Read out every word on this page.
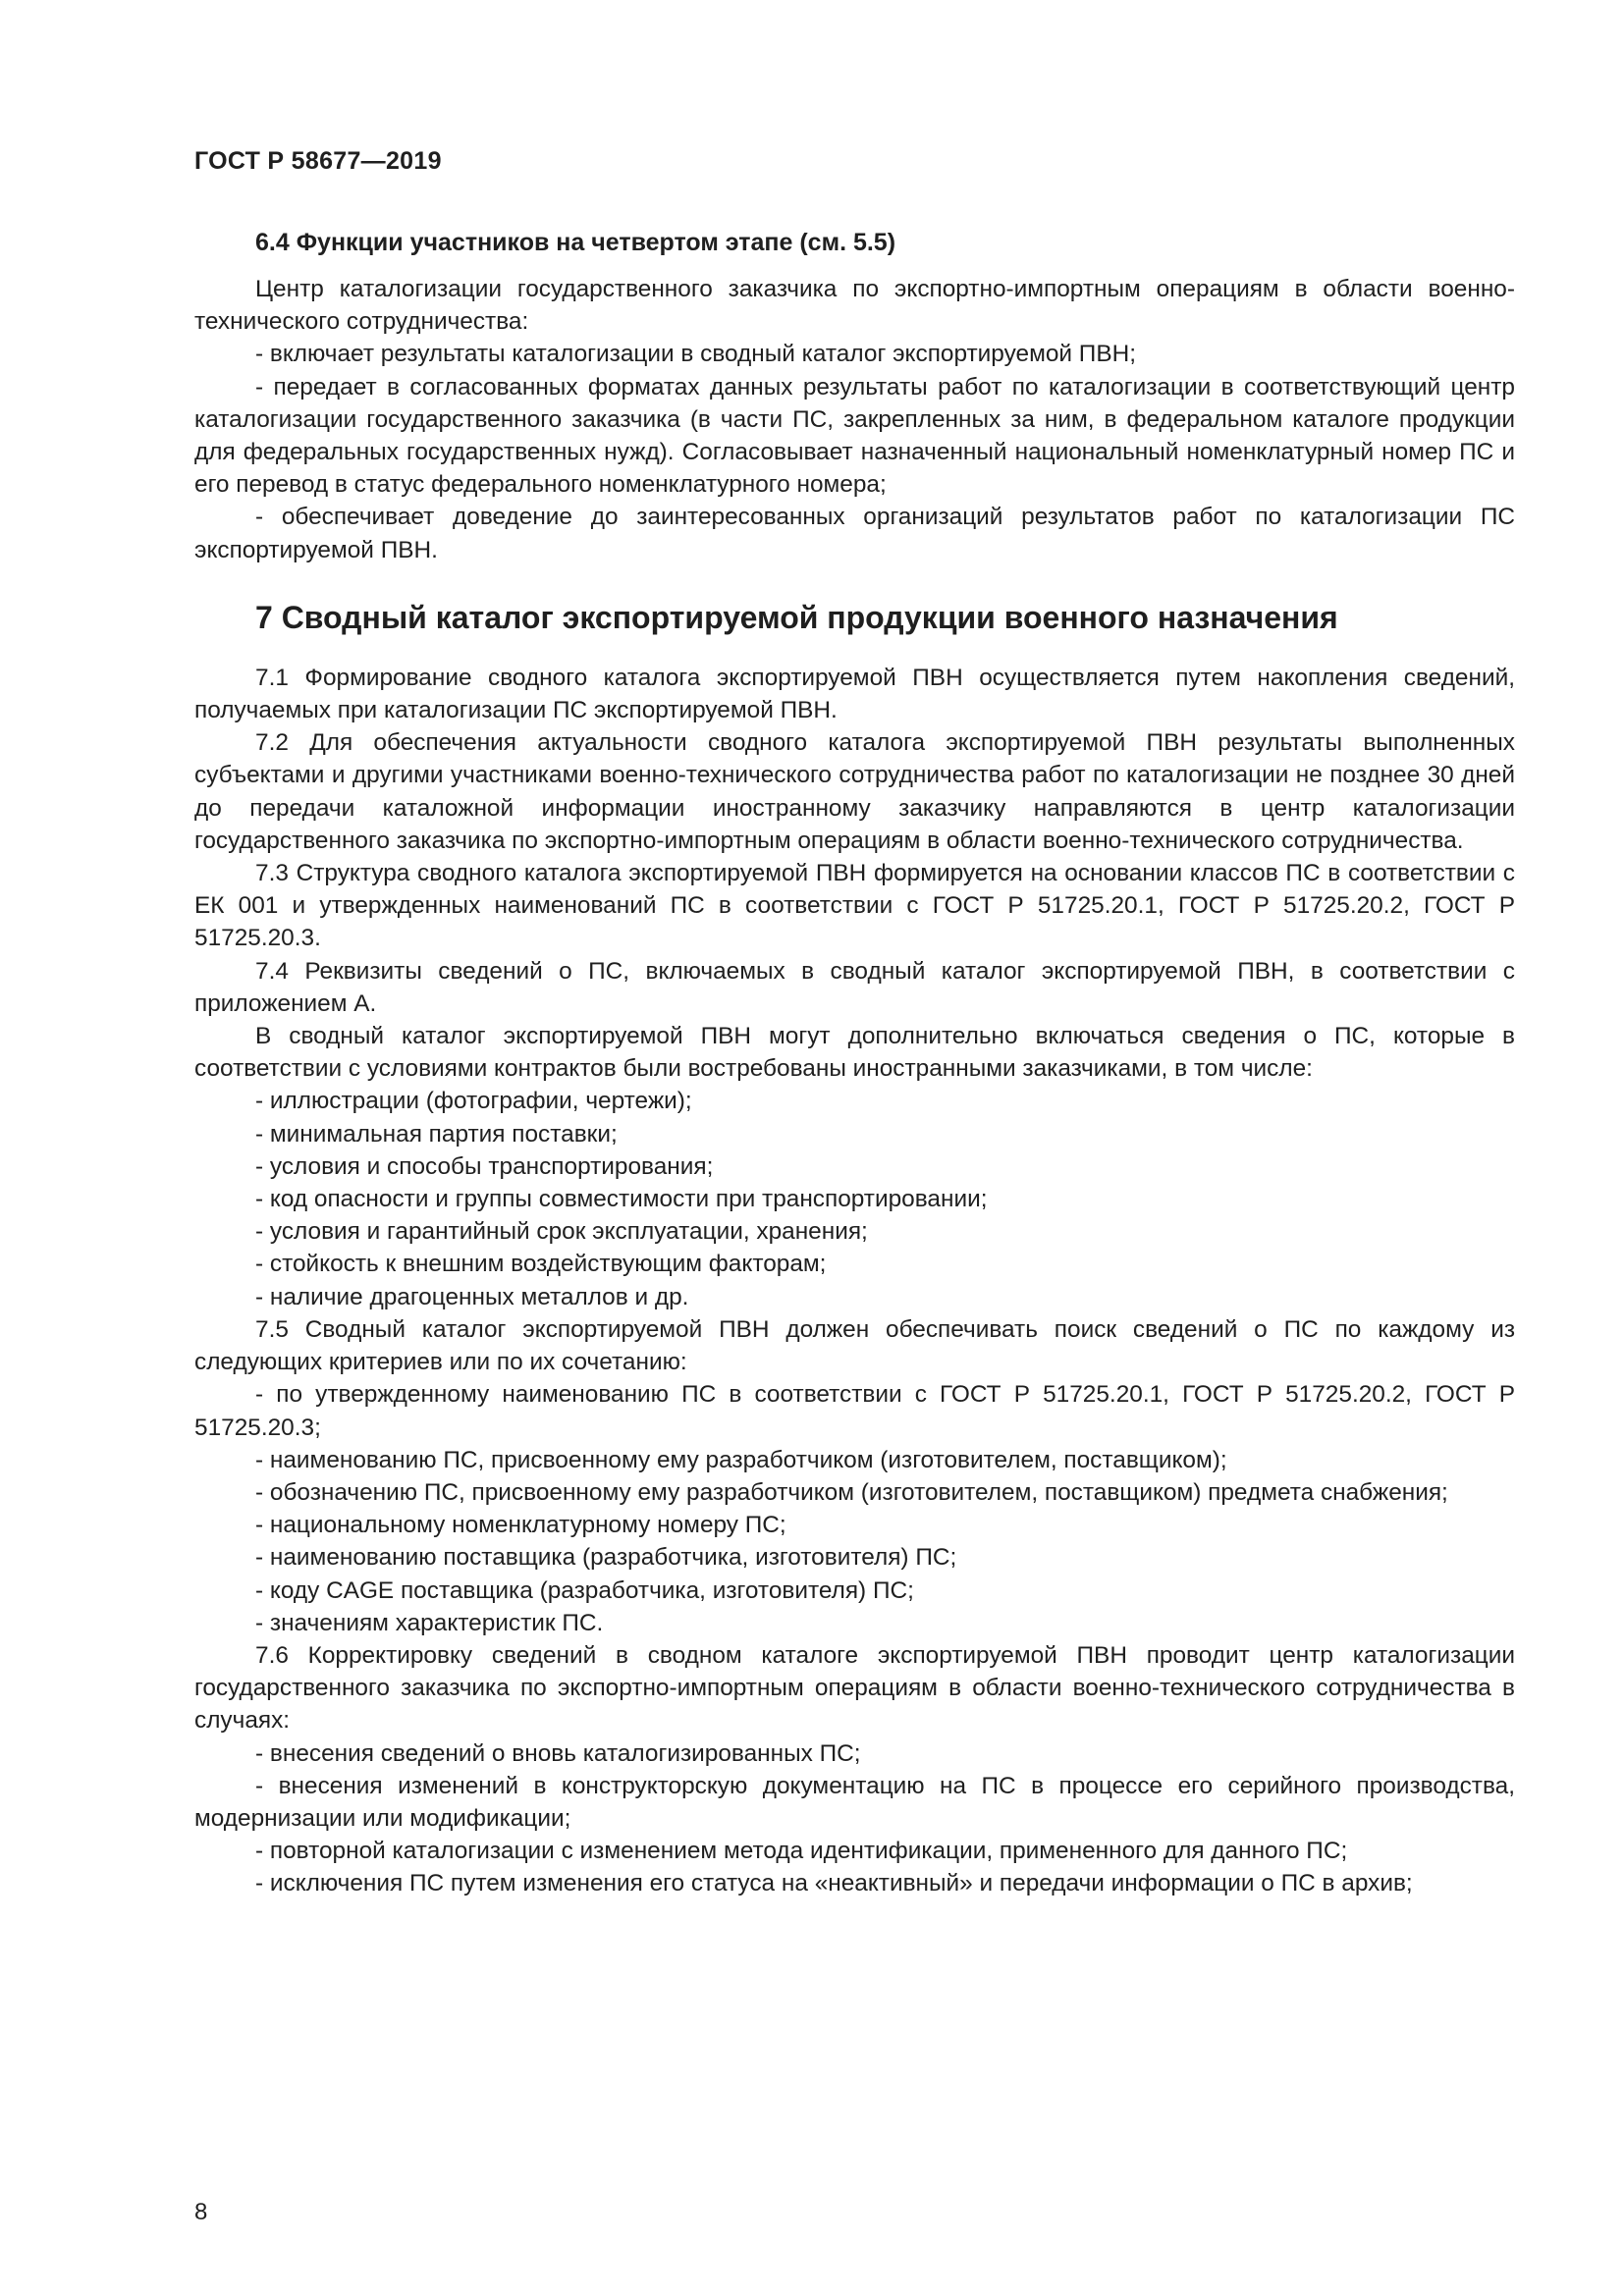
ГОСТ Р 58677—2019
6.4 Функции участников на четвертом этапе (см. 5.5)

Центр каталогизации государственного заказчика по экспортно-импортным операциям в области военно-технического сотрудничества:

- включает результаты каталогизации в сводный каталог экспортируемой ПВН;

- передает в согласованных форматах данных результаты работ по каталогизации в соответствующий центр каталогизации государственного заказчика (в части ПС, закрепленных за ним, в федеральном каталоге продукции для федеральных государственных нужд). Согласовывает назначенный национальный номенклатурный номер ПС и его перевод в статус федерального номенклатурного номера;

- обеспечивает доведение до заинтересованных организаций результатов работ по каталогизации ПС экспортируемой ПВН.

7 Сводный каталог экспортируемой продукции военного назначения

7.1 Формирование сводного каталога экспортируемой ПВН осуществляется путем накопления сведений, получаемых при каталогизации ПС экспортируемой ПВН.

7.2 Для обеспечения актуальности сводного каталога экспортируемой ПВН результаты выполненных субъектами и другими участниками военно-технического сотрудничества работ по каталогизации не позднее 30 дней до передачи каталожной информации иностранному заказчику направляются в центр каталогизации государственного заказчика по экспортно-импортным операциям в области военно-технического сотрудничества.

7.3 Структура сводного каталога экспортируемой ПВН формируется на основании классов ПС в соответствии с ЕК 001 и утвержденных наименований ПС в соответствии с ГОСТ Р 51725.20.1, ГОСТ Р 51725.20.2, ГОСТ Р 51725.20.3.

7.4 Реквизиты сведений о ПС, включаемых в сводный каталог экспортируемой ПВН, в соответствии с приложением А.

В сводный каталог экспортируемой ПВН могут дополнительно включаться сведения о ПС, которые в соответствии с условиями контрактов были востребованы иностранными заказчиками, в том числе:

- иллюстрации (фотографии, чертежи);

- минимальная партия поставки;

- условия и способы транспортирования;

- код опасности и группы совместимости при транспортировании;

- условия и гарантийный срок эксплуатации, хранения;

- стойкость к внешним воздействующим факторам;

- наличие драгоценных металлов и др.

7.5 Сводный каталог экспортируемой ПВН должен обеспечивать поиск сведений о ПС по каждому из следующих критериев или по их сочетанию:

- по утвержденному наименованию ПС в соответствии с ГОСТ Р 51725.20.1, ГОСТ Р 51725.20.2, ГОСТ Р 51725.20.3;

- наименованию ПС, присвоенному ему разработчиком (изготовителем, поставщиком);

- обозначению ПС, присвоенному ему разработчиком (изготовителем, поставщиком) предмета снабжения;

- национальному номенклатурному номеру ПС;

- наименованию поставщика (разработчика, изготовителя) ПС;

- коду CAGE поставщика (разработчика, изготовителя) ПС;

- значениям характеристик ПС.

7.6 Корректировку сведений в сводном каталоге экспортируемой ПВН проводит центр каталогизации государственного заказчика по экспортно-импортным операциям в области военно-технического сотрудничества в случаях:

- внесения сведений о вновь каталогизированных ПС;

- внесения изменений в конструкторскую документацию на ПС в процессе его серийного производства, модернизации или модификации;

- повторной каталогизации с изменением метода идентификации, примененного для данного ПС;

- исключения ПС путем изменения его статуса на «неактивный» и передачи информации о ПС в архив;

8
